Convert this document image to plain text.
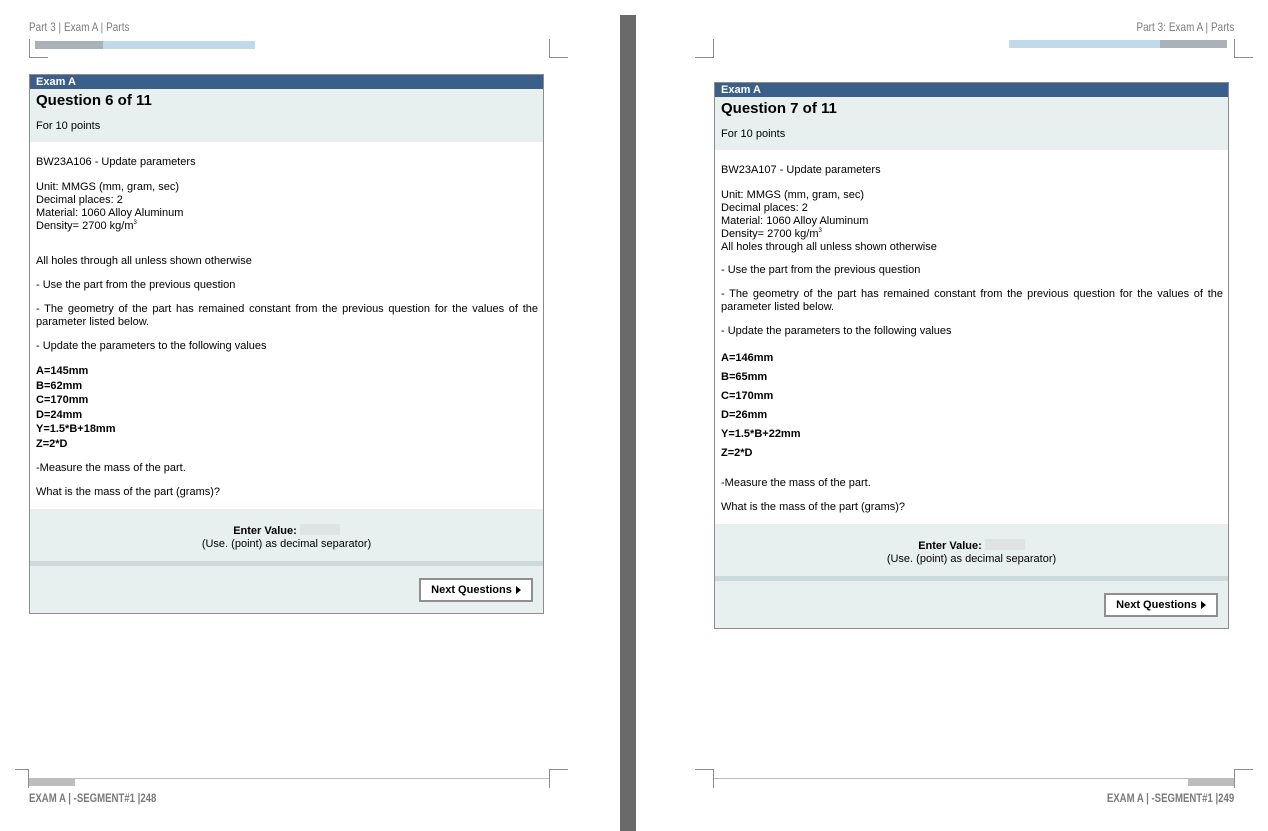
Part 3 | Exam A | Parts
Exam A
Question 6 of 11
For 10 points

BW23A106 - Update parameters

Unit: MMGS (mm, gram, sec)

Decimal places: 2

Material: 1060 Alloy Aluminum

Density= 2700 $kg/m^3$

All holes through all unless shown otherwise

- Use the part from the previous question

- The geometry of the part has remained constant from the previous question for the values of the parameter listed below.

- Update the parameters to the following values

A=145mm

B=62mm

C=170mm

D=24mm

Y=1.5*B+18mm

Z=2*D

-Measure the mass of the part.

What is the mass of the part (grams)?

Enter Value:
(Use. (point) as decimal separator)
Next Questions
EXAM A | -SEGMENT#1 |248
Part 3: Exam A | Parts
Exam A
Question 7 of 11
For 10 points

BW23A107 - Update parameters

Unit: MMGS (mm, gram, sec)

Decimal places: 2

Material: 1060 Alloy Aluminum

Density= 2700 $kg/m^3$

All holes through all unless shown otherwise

- Use the part from the previous question

- The geometry of the part has remained constant from the previous question for the values of the parameter listed below.

- Update the parameters to the following values

A=146mm

B=65mm

C=170mm

D=26mm

Y=1.5*B+22mm

Z=2*D

-Measure the mass of the part.

What is the mass of the part (grams)?

Enter Value:
(Use. (point) as decimal separator)
Next Questions
EXAM A | -SEGMENT#1 |249
